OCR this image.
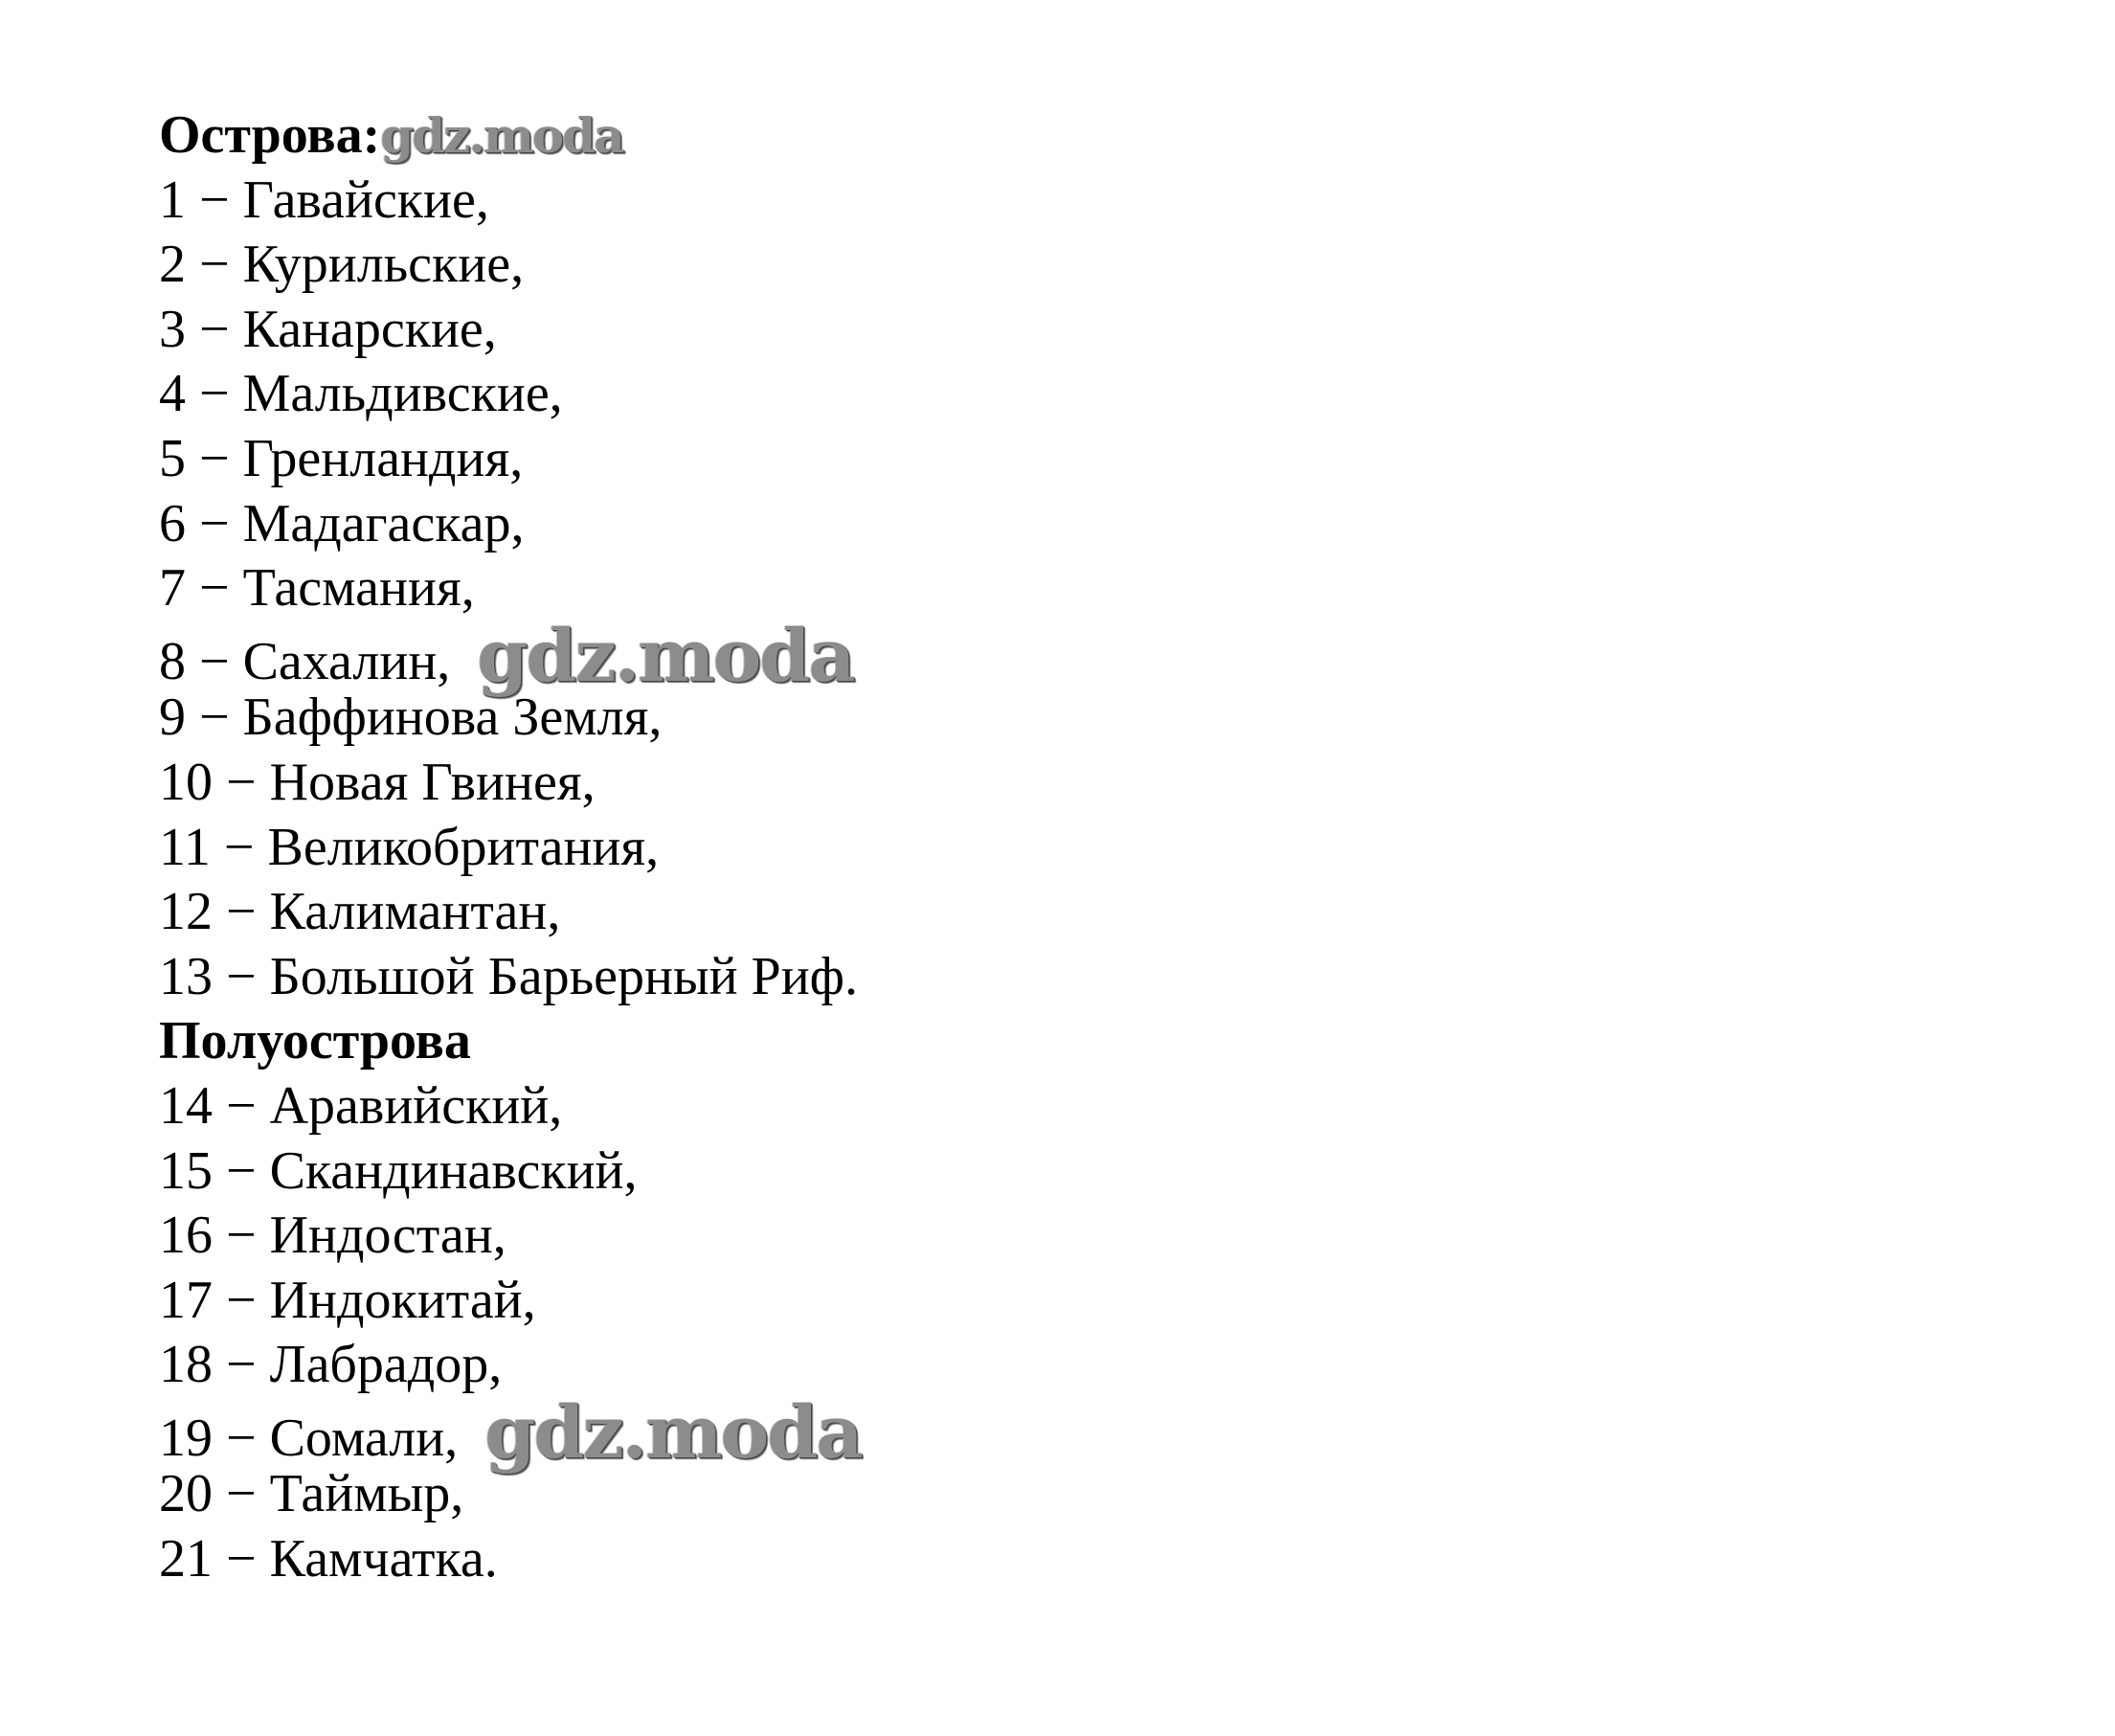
Острова:gdz.moda
1 − Гавайские,
2 − Курильские,
3 − Канарские,
4 − Мальдивские,
5 − Гренландия,
6 − Мадагаскар,
7 − Тасмания,
8 − Сахалин, gdz.moda
9 − Баффинова Земля,
10 − Новая Гвинея,
11 − Великобритания,
12 − Калимантан,
13 − Большой Барьерный Риф.
Полуострова
14 − Аравийский,
15 − Скандинавский,
16 − Индостан,
17 − Индокитай,
18 − Лабрадор,
19 − Сомали, gdz.moda
20 − Таймыр,
21 − Камчатка.
